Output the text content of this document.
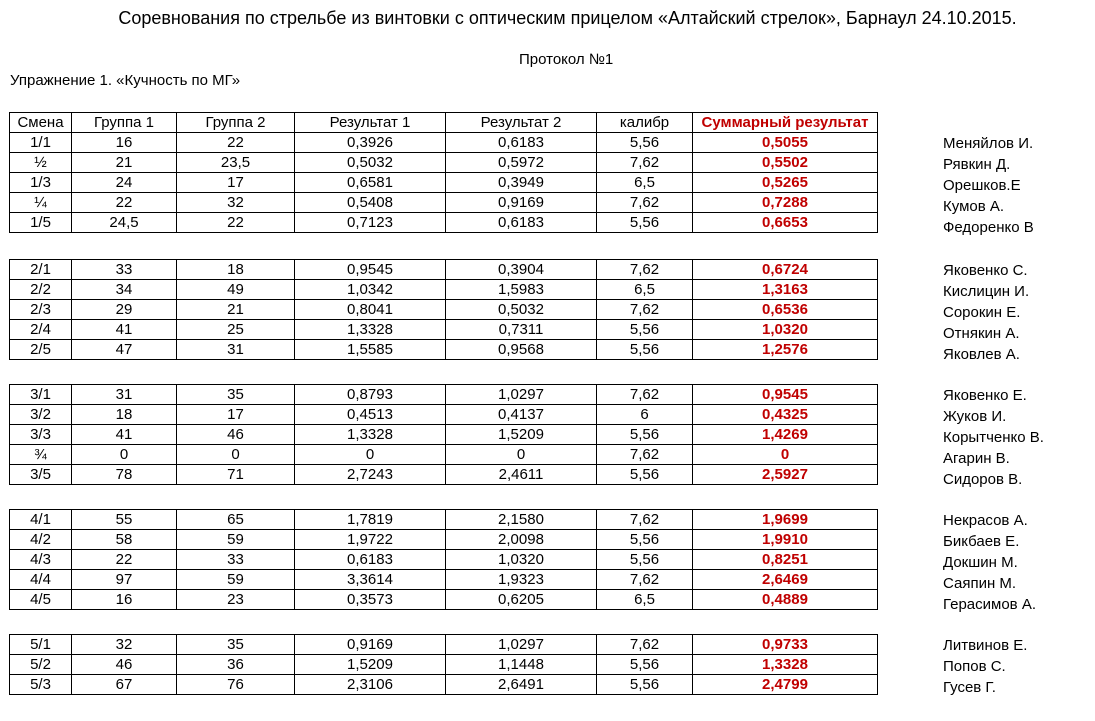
Соревнования по стрельбе из винтовки с оптическим прицелом «Алтайский стрелок», Барнаул 24.10.2015.
Протокол №1
Упражнение 1. «Кучность по МГ»
Смена	Группа 1	Группа 2	Результат 1	Результат 2	калибр	Суммарный результат
1/1	16	22	0,3926	0,6183	5,56	0,5055
½	21	23,5	0,5032	0,5972	7,62	0,5502
1/3	24	17	0,6581	0,3949	6,5	0,5265
¼	22	32	0,5408	0,9169	7,62	0,7288
1/5	24,5	22	0,7123	0,6183	5,56	0,6653
Меняйлов И.
Рявкин Д.
Орешков.Е
Кумов А.
Федоренко В
2/1	33	18	0,9545	0,3904	7,62	0,6724
2/2	34	49	1,0342	1,5983	6,5	1,3163
2/3	29	21	0,8041	0,5032	7,62	0,6536
2/4	41	25	1,3328	0,7311	5,56	1,0320
2/5	47	31	1,5585	0,9568	5,56	1,2576
Яковенко С.
Кислицин И.
Сорокин Е.
Отнякин А.
Яковлев А.
3/1	31	35	0,8793	1,0297	7,62	0,9545
3/2	18	17	0,4513	0,4137	6	0,4325
3/3	41	46	1,3328	1,5209	5,56	1,4269
¾	0	0	0	0	7,62	0
3/5	78	71	2,7243	2,4611	5,56	2,5927
Яковенко Е.
Жуков И.
Корытченко В.
Агарин В.
Сидоров В.
4/1	55	65	1,7819	2,1580	7,62	1,9699
4/2	58	59	1,9722	2,0098	5,56	1,9910
4/3	22	33	0,6183	1,0320	5,56	0,8251
4/4	97	59	3,3614	1,9323	7,62	2,6469
4/5	16	23	0,3573	0,6205	6,5	0,4889
Некрасов А.
Бикбаев Е.
Докшин М.
Саяпин М.
Герасимов А.
5/1	32	35	0,9169	1,0297	7,62	0,9733
5/2	46	36	1,5209	1,1448	5,56	1,3328
5/3	67	76	2,3106	2,6491	5,56	2,4799
Литвинов Е.
Попов С.
Гусев Г.
